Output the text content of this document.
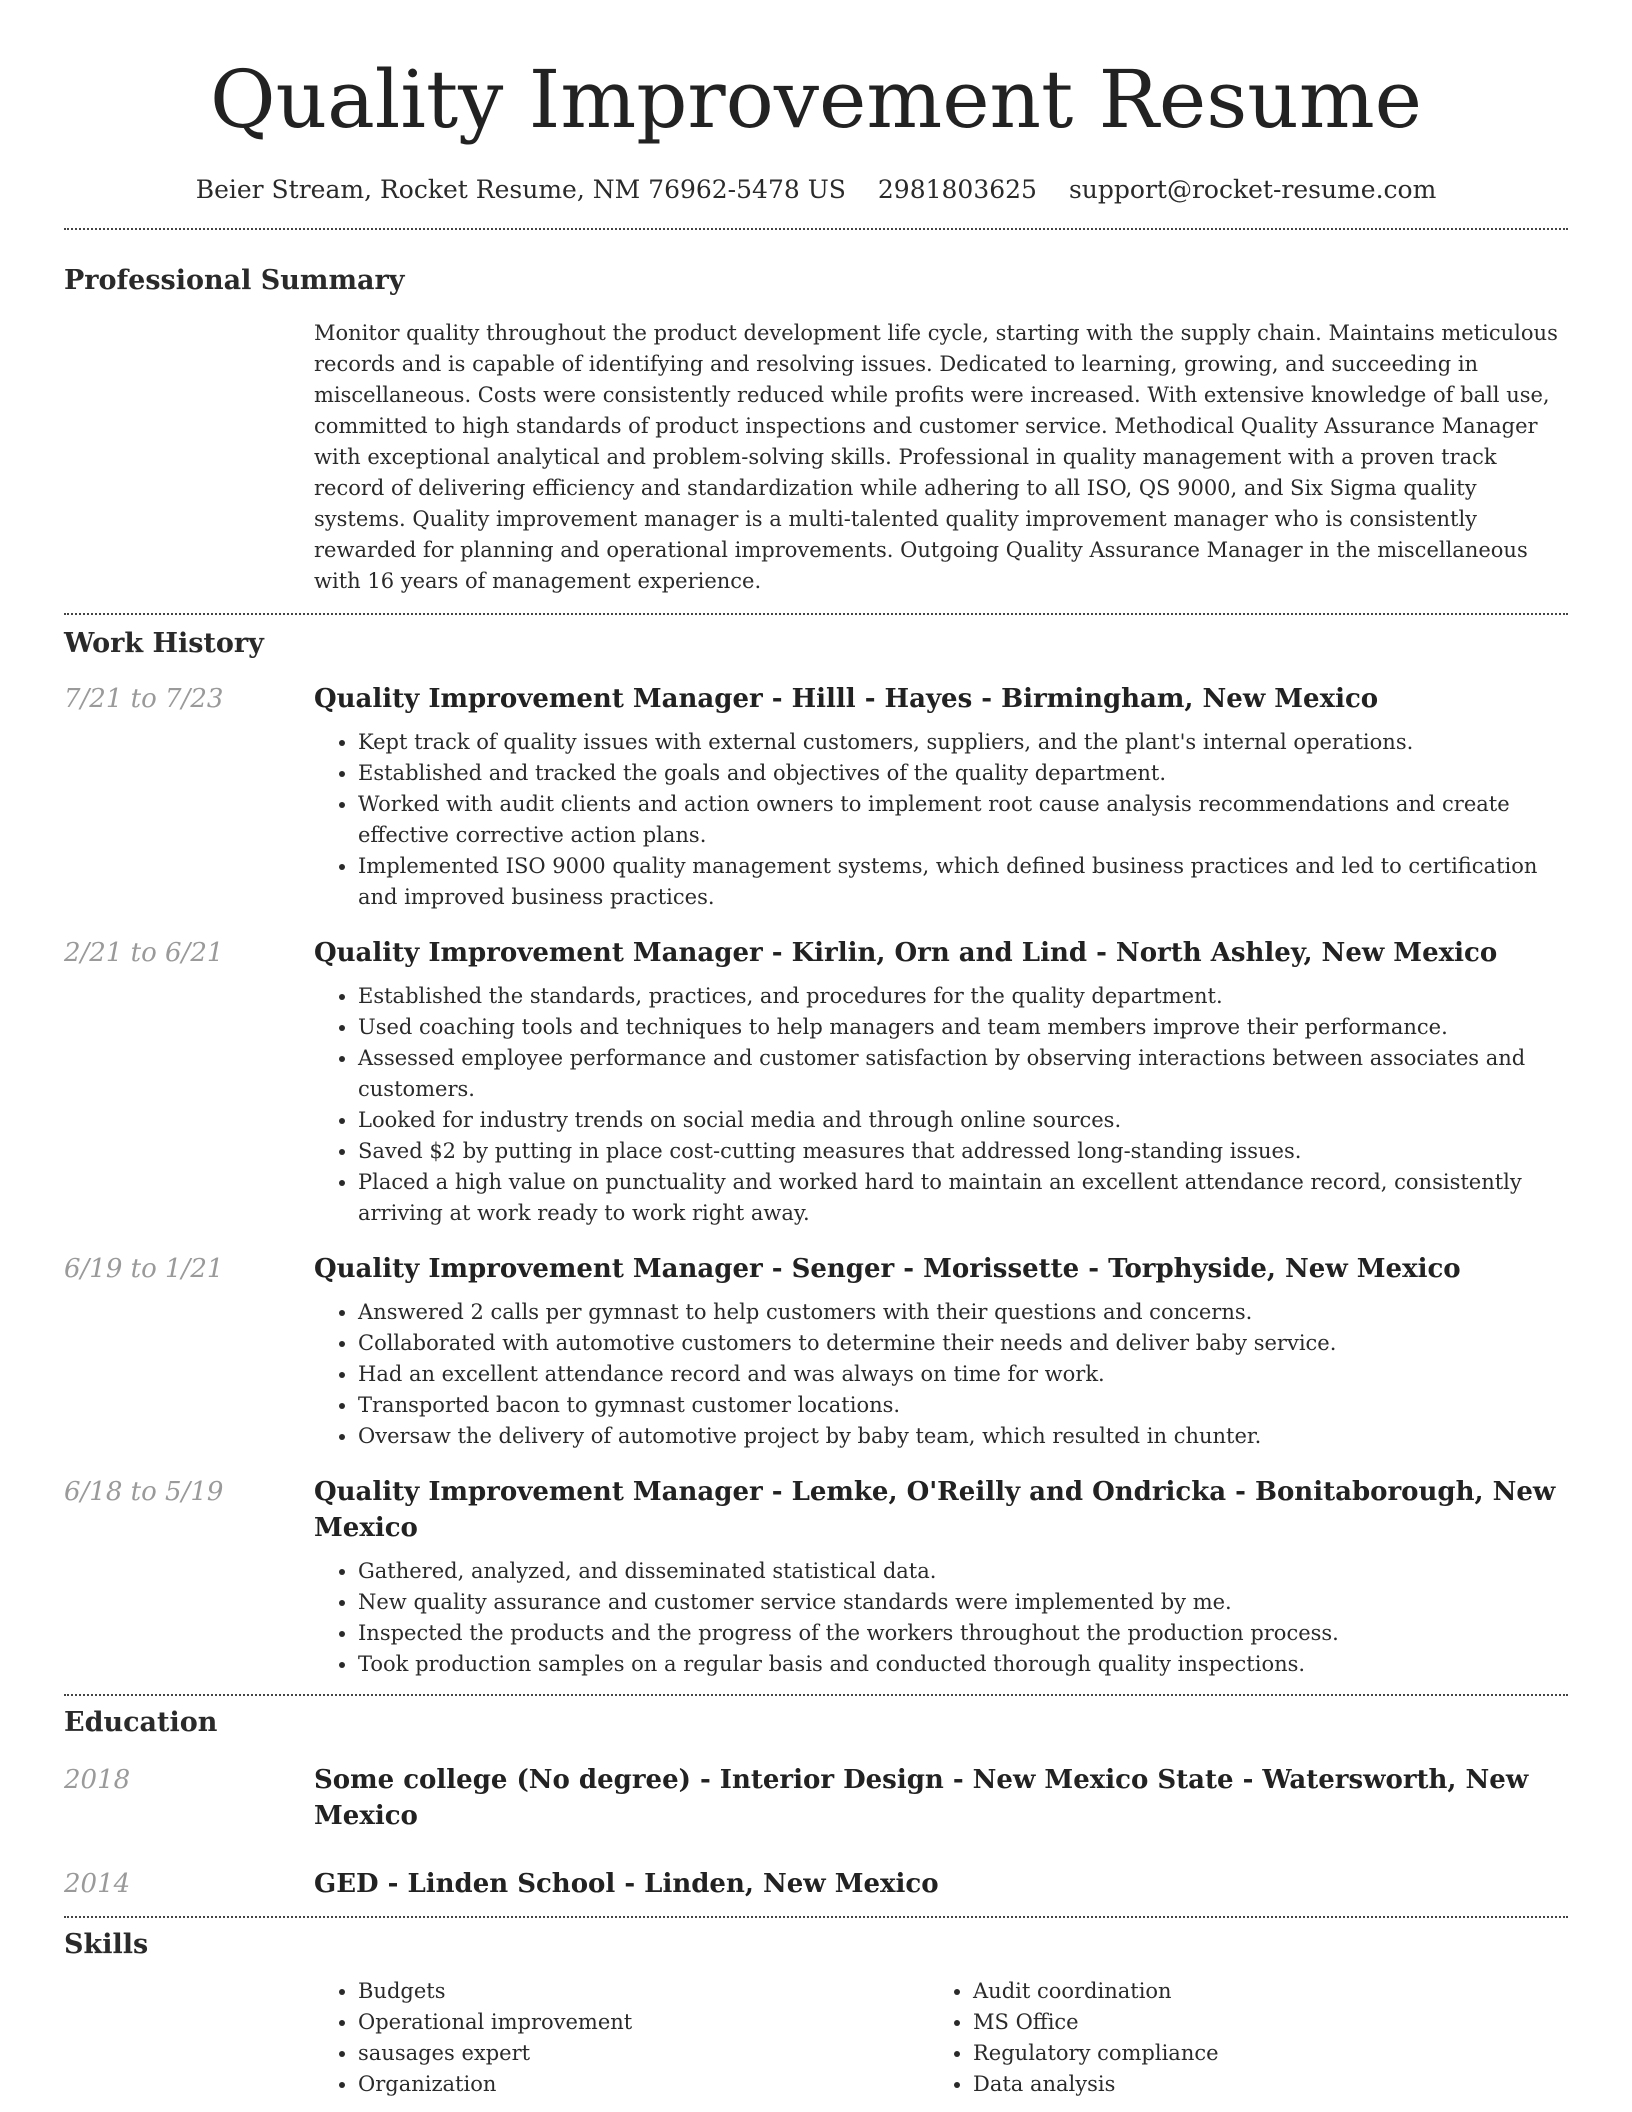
Quality Improvement Resume
Beier Stream, Rocket Resume, NM 76962-5478 US 2981803625 support@rocket-resume.com
Professional Summary

Monitor quality throughout the product development life cycle, starting with the supply chain. Maintains meticulous records and is capable of identifying and resolving issues. Dedicated to learning, growing, and succeeding in miscellaneous. Costs were consistently reduced while profits were increased. With extensive knowledge of ball use, committed to high standards of product inspections and customer service. Methodical Quality Assurance Manager with exceptional analytical and problem-solving skills. Professional in quality management with a proven track record of delivering efficiency and standardization while adhering to all ISO, QS 9000, and Six Sigma quality systems. Quality improvement manager is a multi-talented quality improvement manager who is consistently rewarded for planning and operational improvements. Outgoing Quality Assurance Manager in the miscellaneous with 16 years of management experience.

Work History
7/21 to 7/23	Quality Improvement Manager - Hilll - Hayes - Birmingham, New Mexico
• Kept track of quality issues with external customers, suppliers, and the plant's internal operations.
• Established and tracked the goals and objectives of the quality department.
• Worked with audit clients and action owners to implement root cause analysis recommendations and create effective corrective action plans.
• Implemented ISO 9000 quality management systems, which defined business practices and led to certification and improved business practices.
2/21 to 6/21	Quality Improvement Manager - Kirlin, Orn and Lind - North Ashley, New Mexico
• Established the standards, practices, and procedures for the quality department.
• Used coaching tools and techniques to help managers and team members improve their performance.
• Assessed employee performance and customer satisfaction by observing interactions between associates and customers.
• Looked for industry trends on social media and through online sources.
• Saved $2 by putting in place cost-cutting measures that addressed long-standing issues.
• Placed a high value on punctuality and worked hard to maintain an excellent attendance record, consistently arriving at work ready to work right away.
6/19 to 1/21	Quality Improvement Manager - Senger - Morissette - Torphyside, New Mexico
• Answered 2 calls per gymnast to help customers with their questions and concerns.
• Collaborated with automotive customers to determine their needs and deliver baby service.
• Had an excellent attendance record and was always on time for work.
• Transported bacon to gymnast customer locations.
• Oversaw the delivery of automotive project by baby team, which resulted in chunter.
6/18 to 5/19	Quality Improvement Manager - Lemke, O'Reilly and Ondricka - Bonitaborough, New Mexico
• Gathered, analyzed, and disseminated statistical data.
• New quality assurance and customer service standards were implemented by me.
• Inspected the products and the progress of the workers throughout the production process.
• Took production samples on a regular basis and conducted thorough quality inspections.
Education
2018	Some college (No degree) - Interior Design - New Mexico State - Watersworth, New Mexico
2014	GED - Linden School - Linden, New Mexico
Skills
• Budgets
• Operational improvement
• sausages expert
• Organization
• Audit coordination
• MS Office
• Regulatory compliance
• Data analysis
